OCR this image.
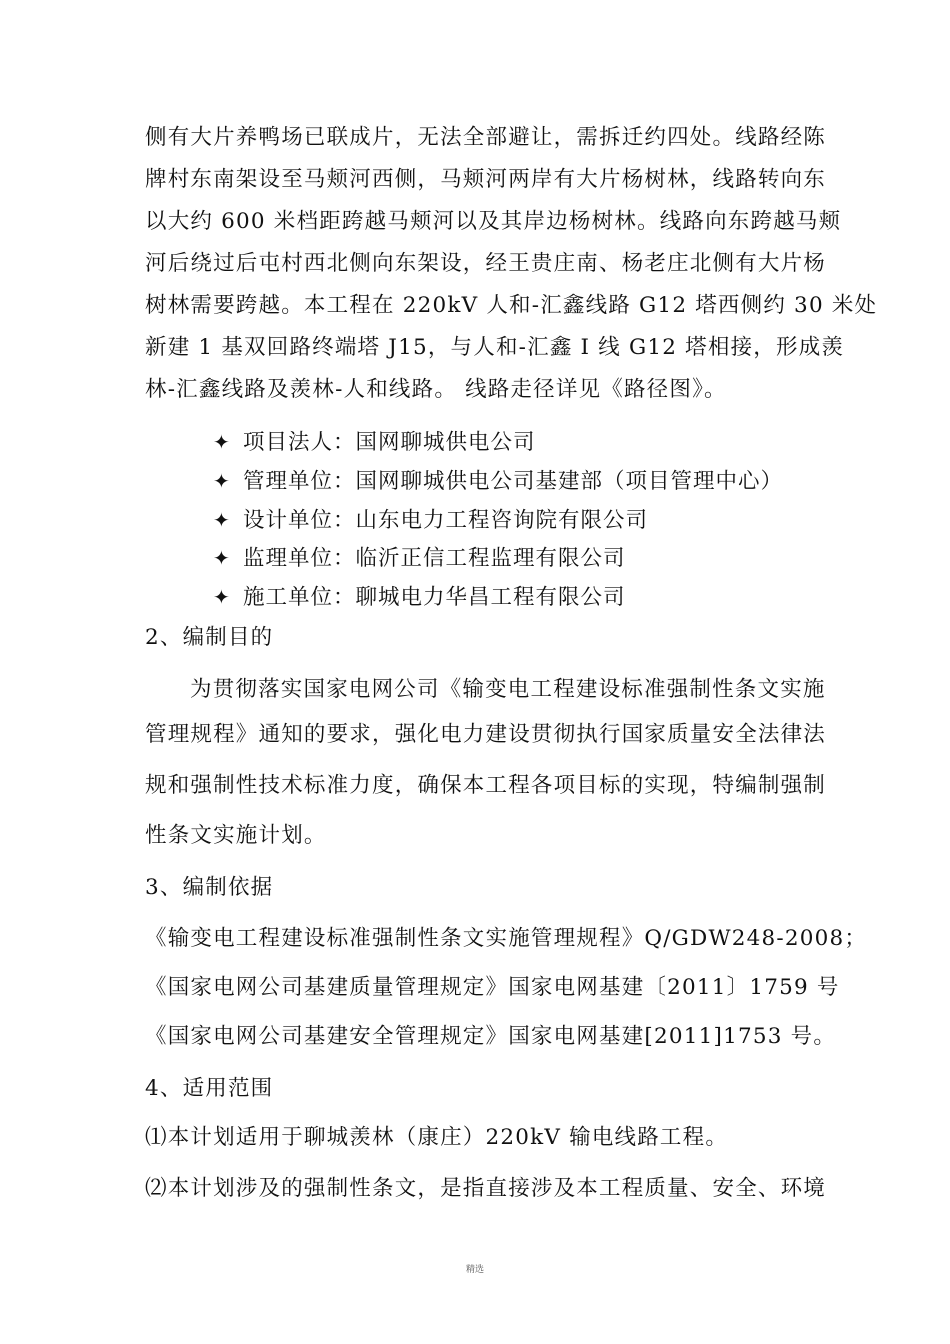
侧有大片养鸭场已联成片，无法全部避让，需拆迁约四处。线路经陈
牌村东南架设至马颊河西侧，马颊河两岸有大片杨树林，线路转向东
以大约 600 米档距跨越马颊河以及其岸边杨树林。线路向东跨越马颊
河后绕过后屯村西北侧向东架设，经王贵庄南、杨老庄北侧有大片杨
树林需要跨越。本工程在 220kV 人和-汇鑫线路 G12 塔西侧约 30 米处
新建 1 基双回路终端塔 J15，与人和-汇鑫 I 线 G12 塔相接，形成羡
林-汇鑫线路及羡林-人和线路。 线路走径详见《路径图》。
✦ 项目法人：国网聊城供电公司
✦ 管理单位：国网聊城供电公司基建部（项目管理中心）
✦ 设计单位：山东电力工程咨询院有限公司
✦ 监理单位：临沂正信工程监理有限公司
✦ 施工单位：聊城电力华昌工程有限公司
2、编制目的
为贯彻落实国家电网公司《输变电工程建设标准强制性条文实施
管理规程》通知的要求，强化电力建设贯彻执行国家质量安全法律法
规和强制性技术标准力度，确保本工程各项目标的实现，特编制强制
性条文实施计划。
3、编制依据
《输变电工程建设标准强制性条文实施管理规程》Q/GDW248-2008；
《国家电网公司基建质量管理规定》国家电网基建〔2011〕1759 号
《国家电网公司基建安全管理规定》国家电网基建[2011]1753 号。
4、适用范围
⑴本计划适用于聊城羡林（康庄）220kV 输电线路工程。
⑵本计划涉及的强制性条文，是指直接涉及本工程质量、安全、环境
精选
